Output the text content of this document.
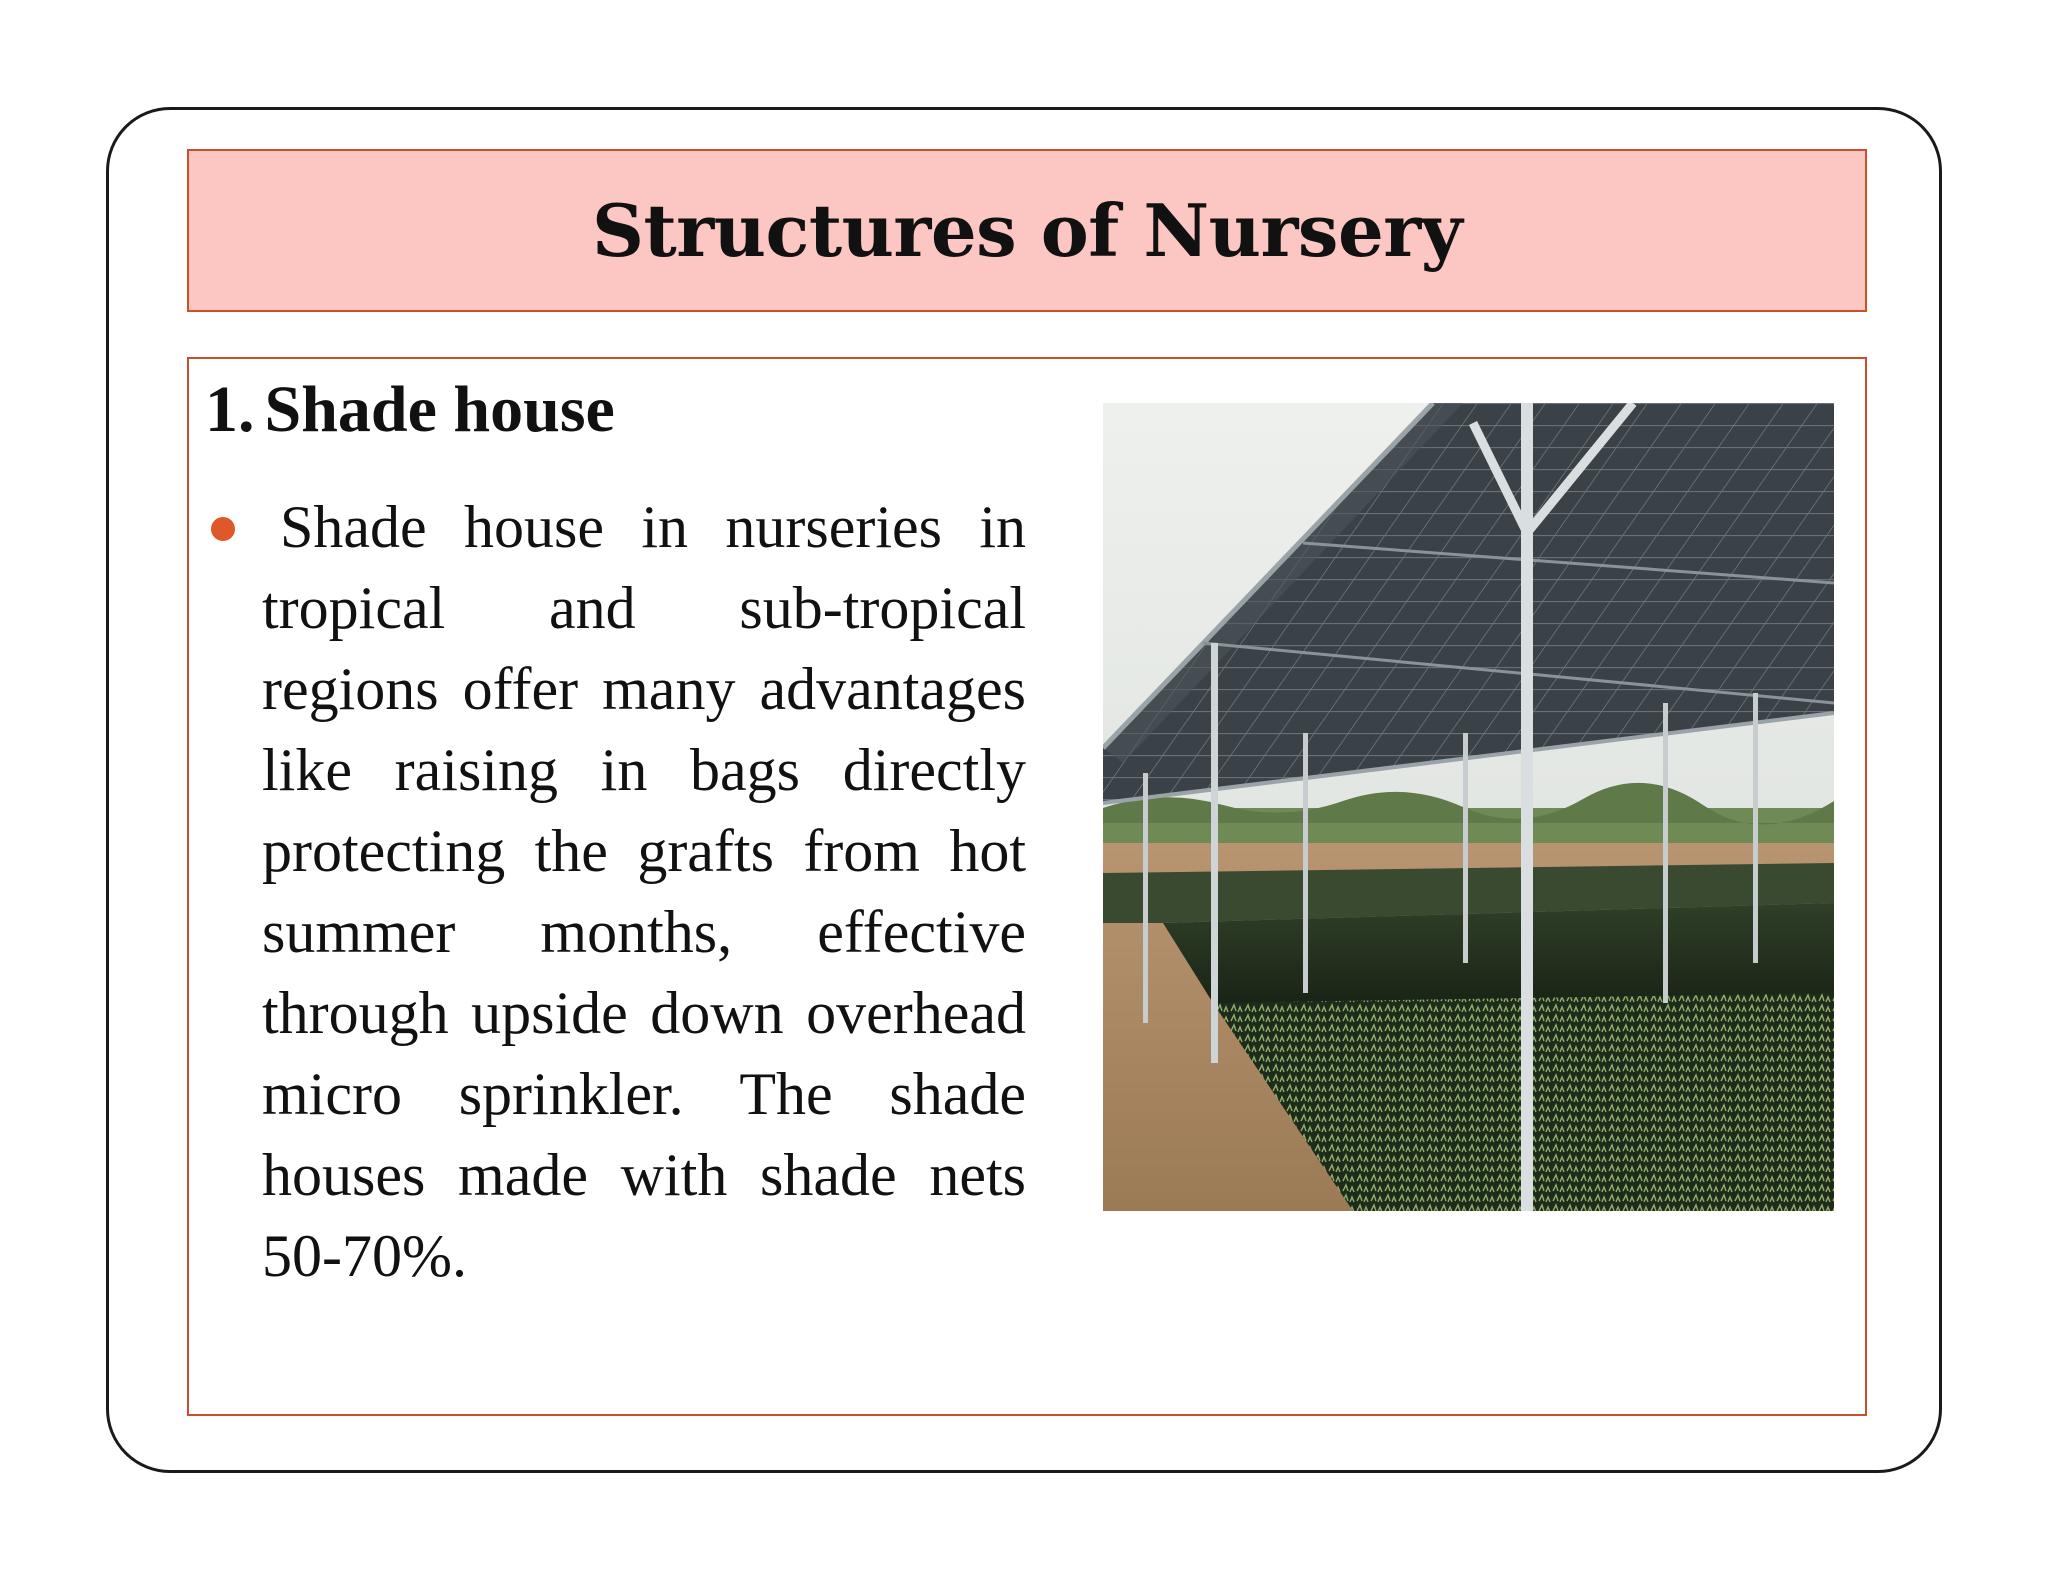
Structures of Nursery
1. Shade house
Shade house in nurseries in tropical and sub-tropical regions offer many advantages like raising in bags directly protecting the grafts from hot summer months, effective through upside down overhead micro sprinkler. The shade houses made with shade nets 50-70%.
